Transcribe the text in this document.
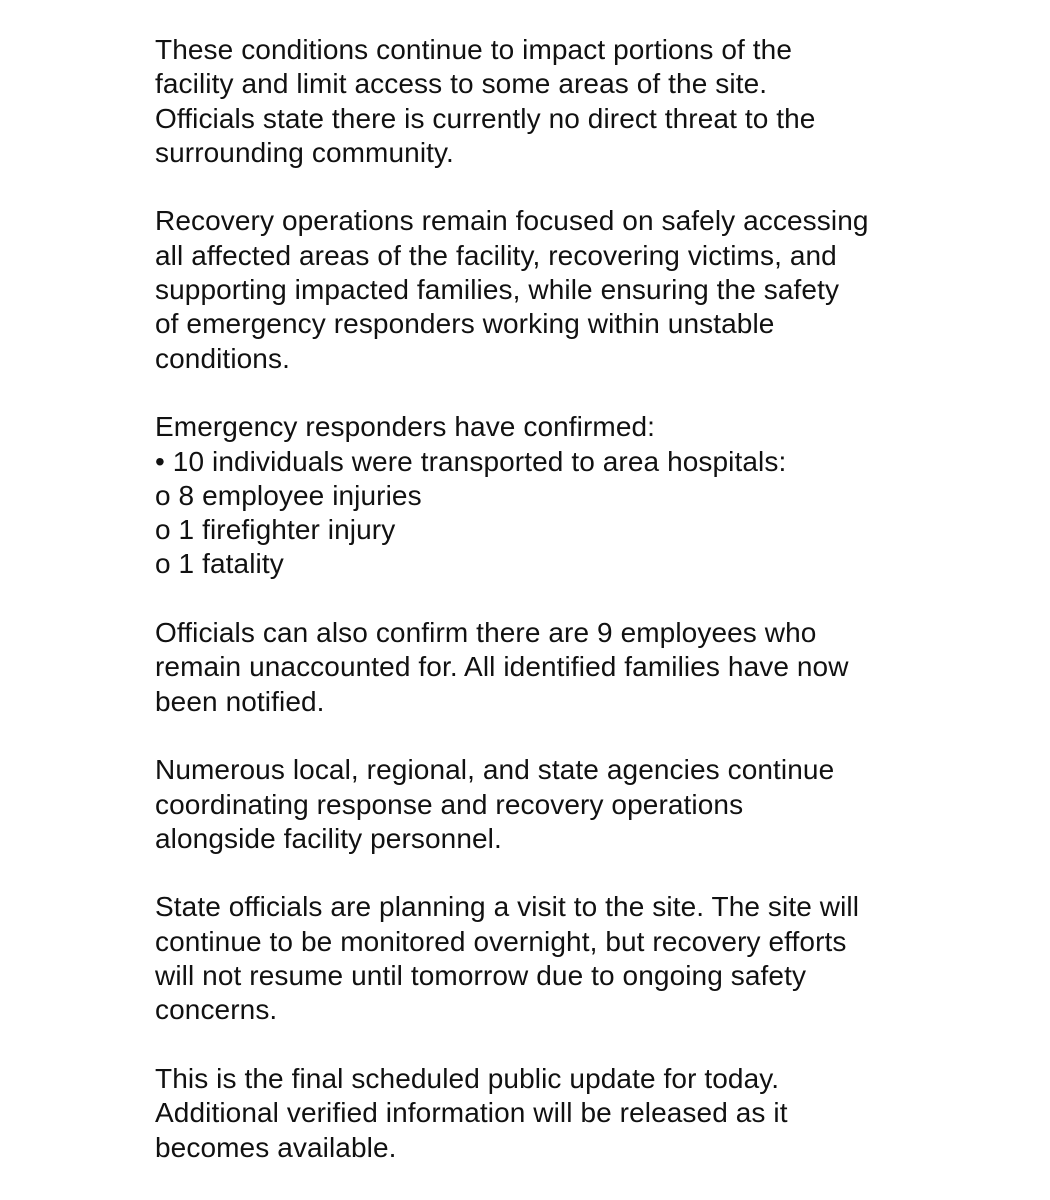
These conditions continue to impact portions of the
facility and limit access to some areas of the site.
Officials state there is currently no direct threat to the
surrounding community.
Recovery operations remain focused on safely accessing
all affected areas of the facility, recovering victims, and
supporting impacted families, while ensuring the safety
of emergency responders working within unstable
conditions.
Emergency responders have confirmed:
• 10 individuals were transported to area hospitals:
o 8 employee injuries
o 1 firefighter injury
o 1 fatality
Officials can also confirm there are 9 employees who
remain unaccounted for. All identified families have now
been notified.
Numerous local, regional, and state agencies continue
coordinating response and recovery operations
alongside facility personnel.
State officials are planning a visit to the site. The site will
continue to be monitored overnight, but recovery efforts
will not resume until tomorrow due to ongoing safety
concerns.
This is the final scheduled public update for today.
Additional verified information will be released as it
becomes available.
